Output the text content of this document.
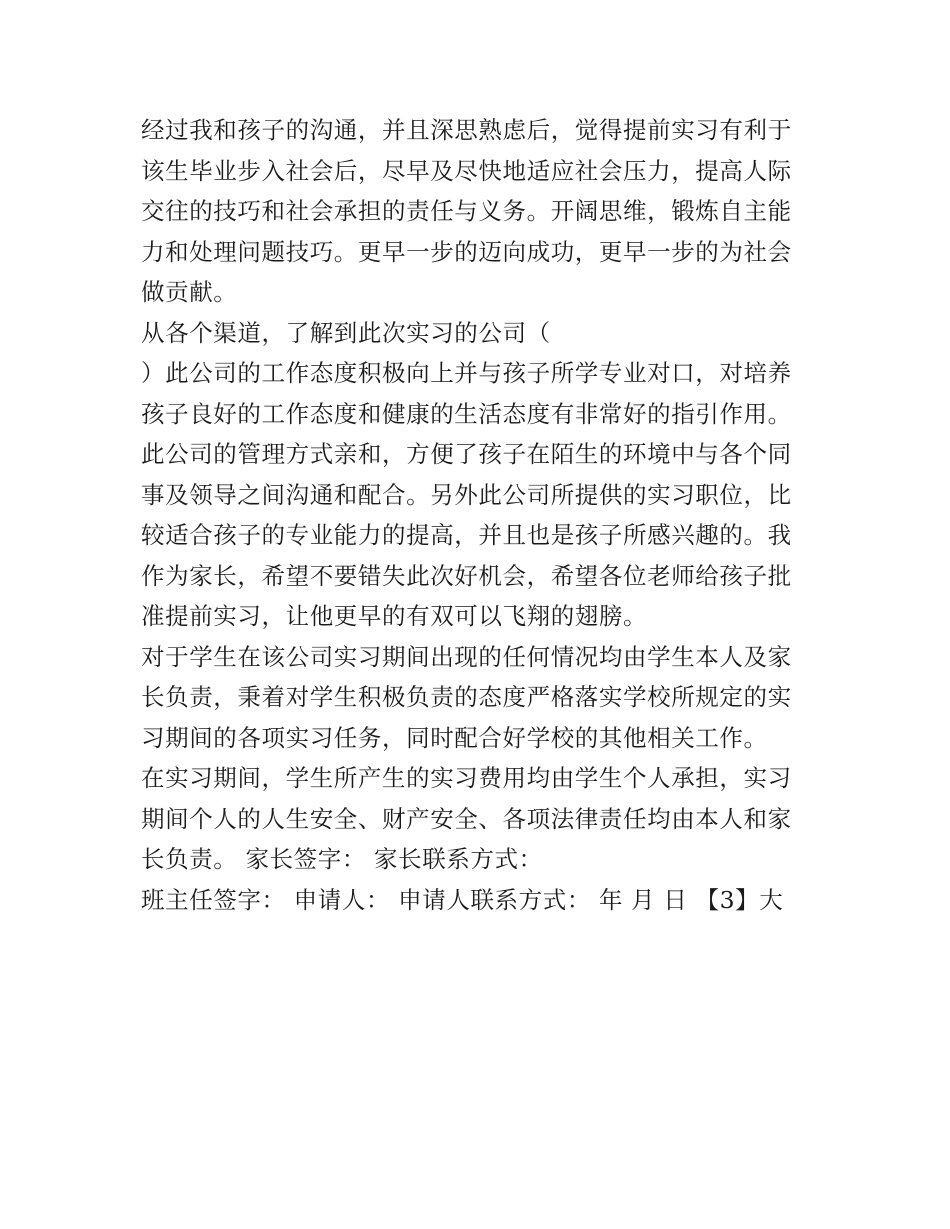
经过我和孩子的沟通，并且深思熟虑后，觉得提前实习有利于
该生毕业步入社会后，尽早及尽快地适应社会压力，提高人际
交往的技巧和社会承担的责任与义务。开阔思维，锻炼自主能
力和处理问题技巧。更早一步的迈向成功，更早一步的为社会
做贡献。
从各个渠道，了解到此次实习的公司（
）此公司的工作态度积极向上并与孩子所学专业对口，对培养
孩子良好的工作态度和健康的生活态度有非常好的指引作用。
此公司的管理方式亲和，方便了孩子在陌生的环境中与各个同
事及领导之间沟通和配合。另外此公司所提供的实习职位，比
较适合孩子的专业能力的提高，并且也是孩子所感兴趣的。我
作为家长，希望不要错失此次好机会，希望各位老师给孩子批
准提前实习，让他更早的有双可以飞翔的翅膀。
对于学生在该公司实习期间出现的任何情况均由学生本人及家
长负责，秉着对学生积极负责的态度严格落实学校所规定的实
习期间的各项实习任务，同时配合好学校的其他相关工作。
在实习期间，学生所产生的实习费用均由学生个人承担，实习
期间个人的人生安全、财产安全、各项法律责任均由本人和家
长负责。 家长签字： 家长联系方式：
班主任签字： 申请人： 申请人联系方式： 年 月 日 【3】大
